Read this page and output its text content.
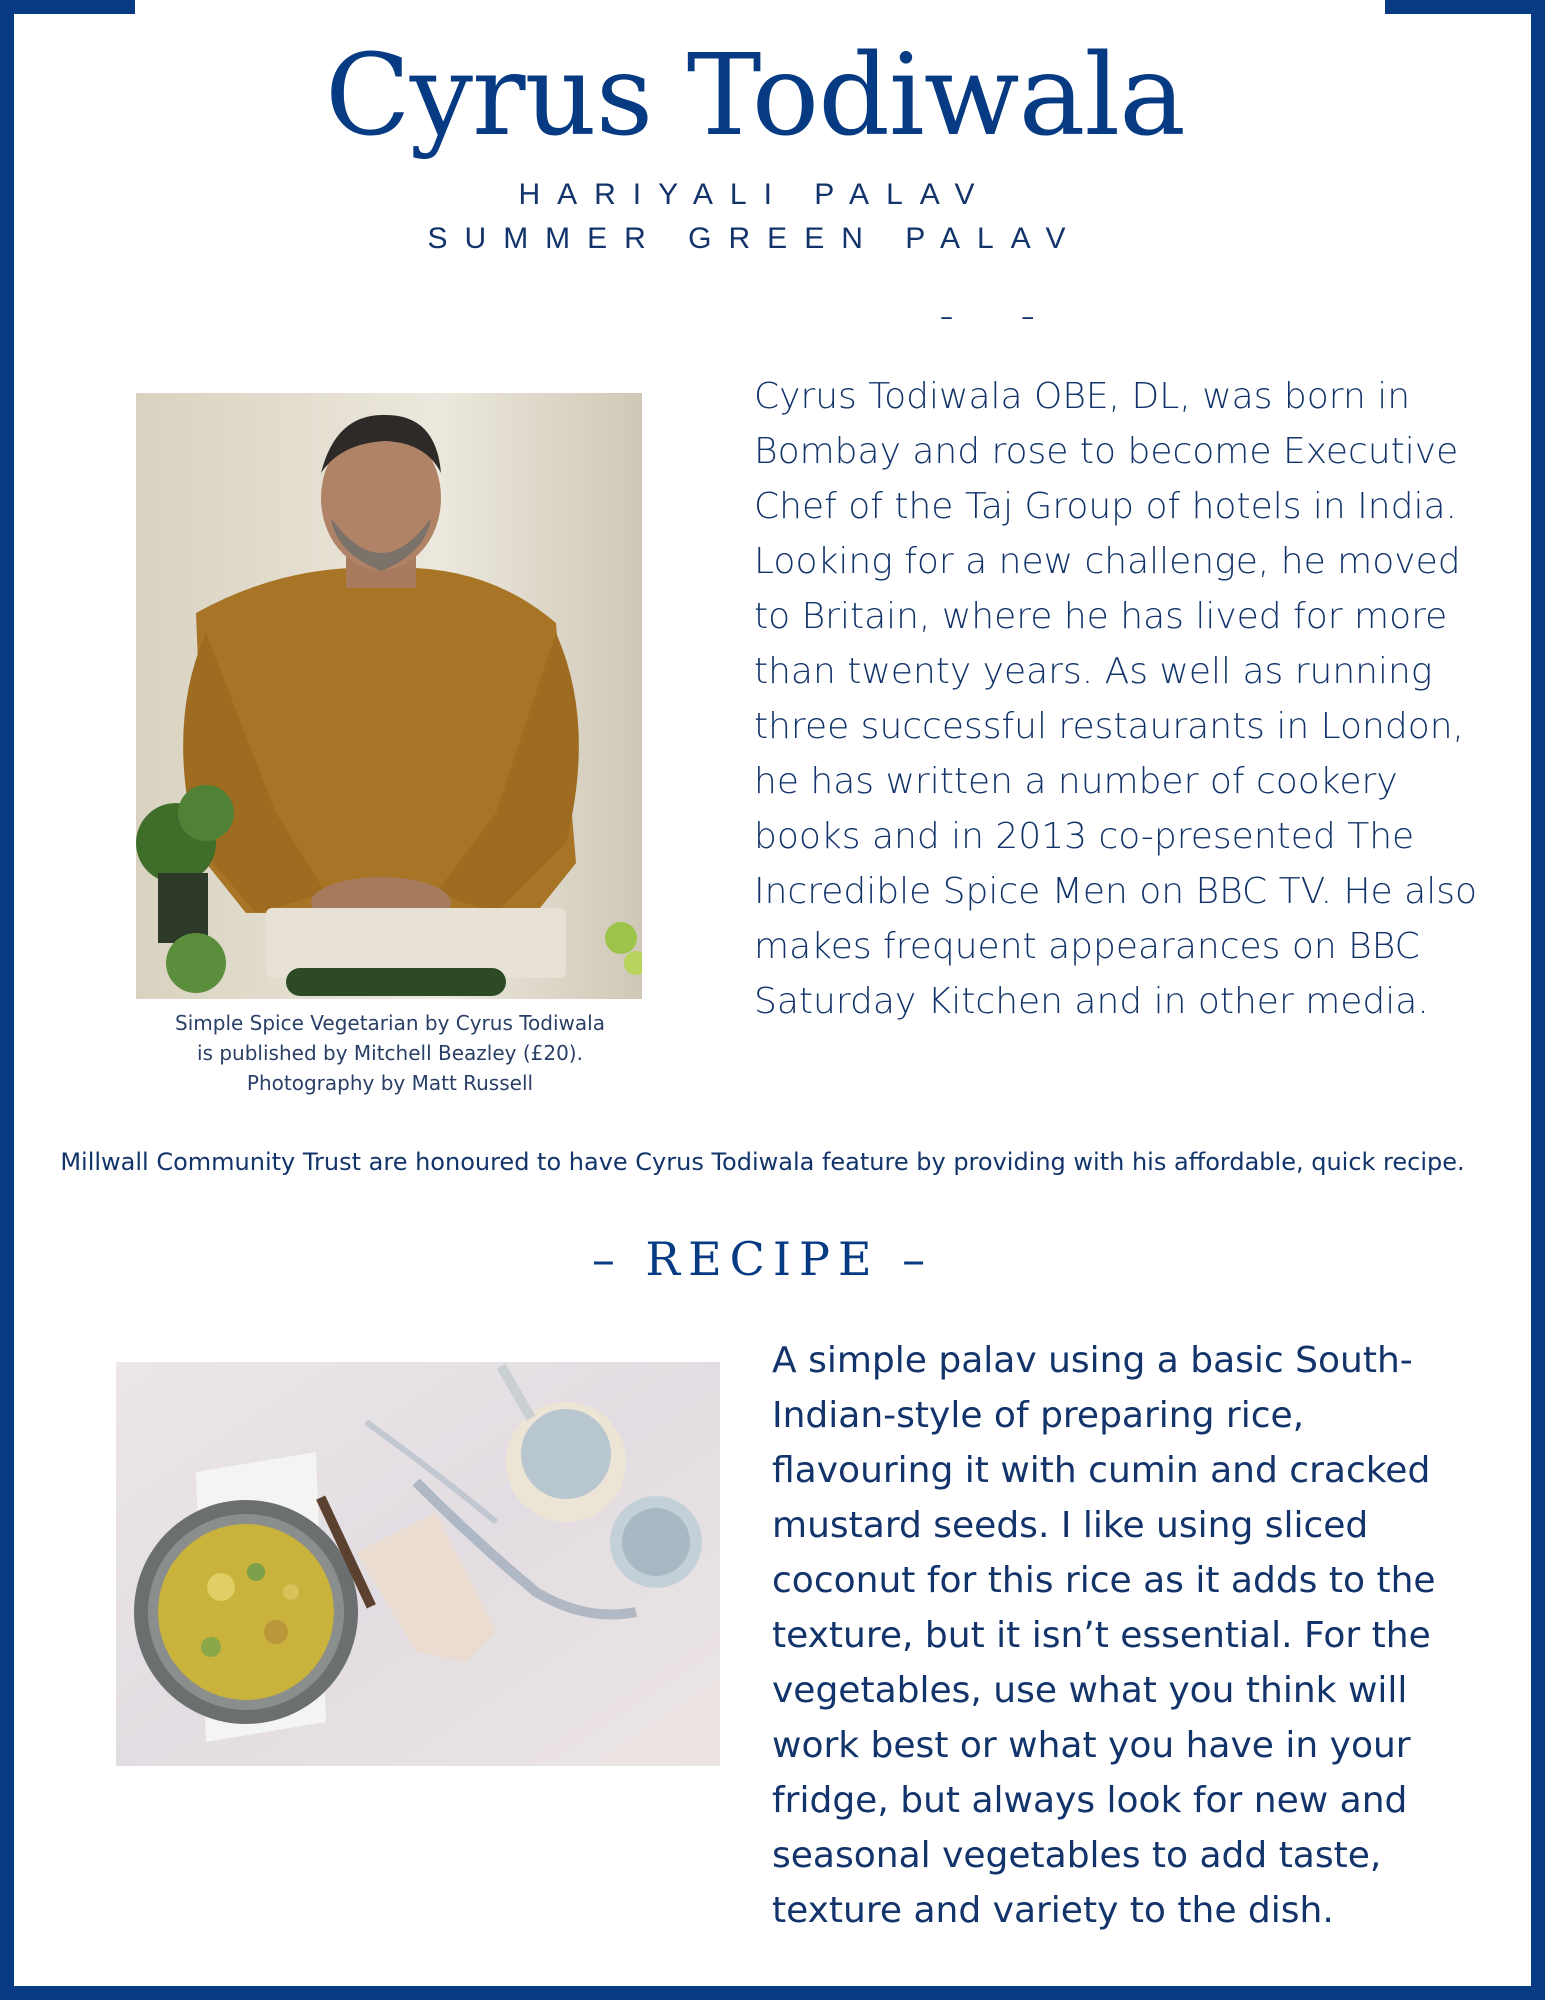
Cyrus Todiwala

HARIYALI PALAV

SUMMER GREEN PALAV

– –
Simple Spice Vegetarian by Cyrus Todiwala
is published by Mitchell Beazley (£20).
Photography by Matt Russell
Cyrus Todiwala OBE, DL, was born in
Bombay and rose to become Executive
Chef of the Taj Group of hotels in India.
Looking for a new challenge, he moved
to Britain, where he has lived for more
than twenty years. As well as running
three successful restaurants in London,
he has written a number of cookery
books and in 2013 co-presented The
Incredible Spice Men on BBC TV. He also
makes frequent appearances on BBC
Saturday Kitchen and in other media.
Millwall Community Trust are honoured to have Cyrus Todiwala feature by providing with his affordable, quick recipe.
– RECIPE –
A simple palav using a basic South-
Indian-style of preparing rice,
flavouring it with cumin and cracked
mustard seeds. I like using sliced
coconut for this rice as it adds to the
texture, but it isn’t essential. For the
vegetables, use what you think will
work best or what you have in your
fridge, but always look for new and
seasonal vegetables to add taste,
texture and variety to the dish.
